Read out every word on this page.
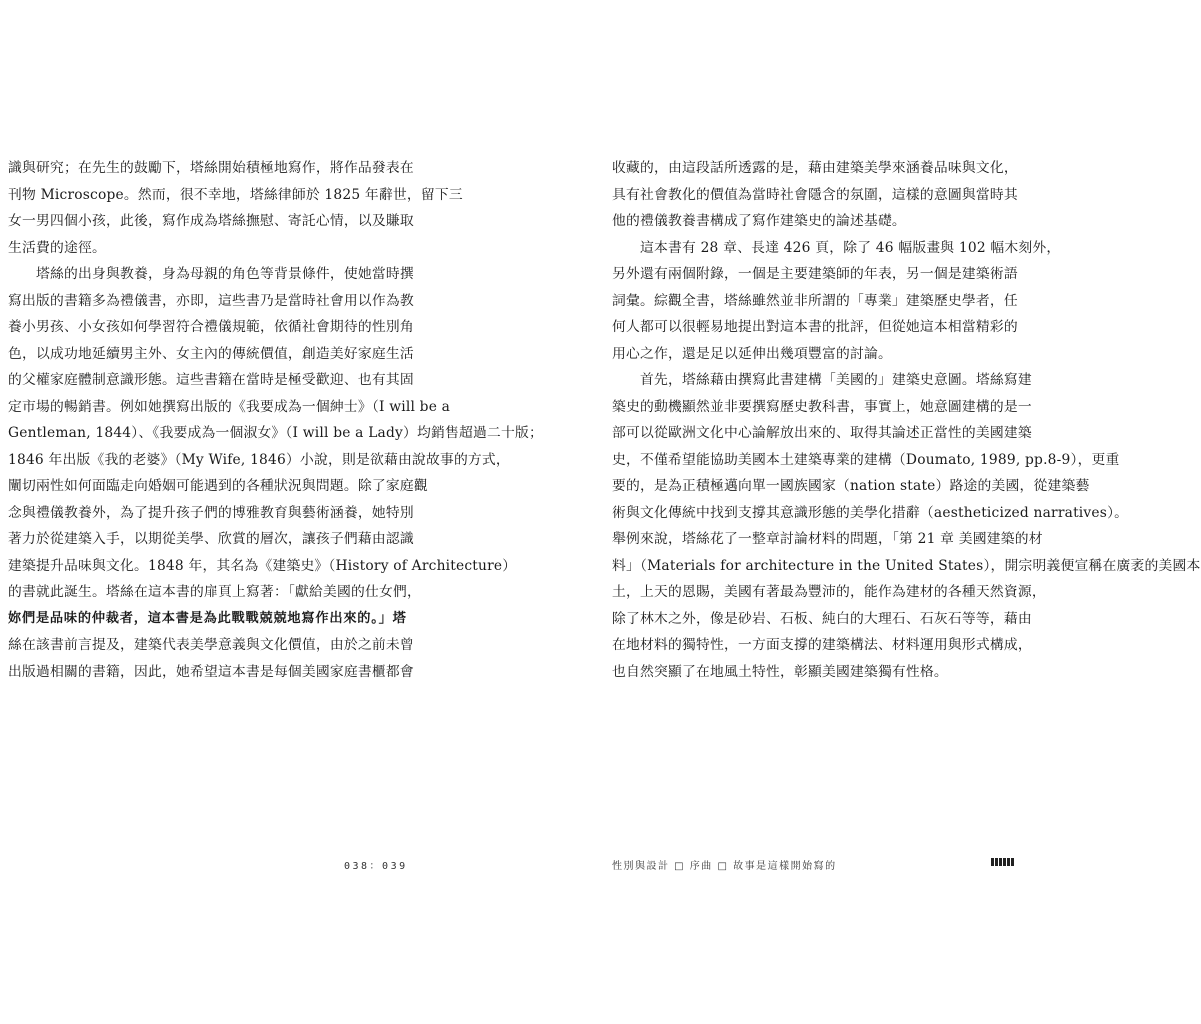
識與研究；在先生的鼓勵下，塔絲開始積極地寫作，將作品發表在
刊物 Microscope。然而，很不幸地，塔絲律師於 1825 年辭世，留下三
女一男四個小孩，此後，寫作成為塔絲撫慰、寄託心情，以及賺取
生活費的途徑。
塔絲的出身與教養，身為母親的角色等背景條件，使她當時撰
寫出版的書籍多為禮儀書，亦即，這些書乃是當時社會用以作為教
養小男孩、小女孩如何學習符合禮儀規範，依循社會期待的性別角
色，以成功地延續男主外、女主內的傳統價值，創造美好家庭生活
的父權家庭體制意識形態。這些書籍在當時是極受歡迎、也有其固
定市場的暢銷書。例如她撰寫出版的《我要成為一個紳士》（I will be a
Gentleman, 1844）、《我要成為一個淑女》（I will be a Lady）均銷售超過二十版；
1846 年出版《我的老婆》（My Wife, 1846）小說，則是欲藉由說故事的方式，
闡切兩性如何面臨走向婚姻可能遇到的各種狀況與問題。除了家庭觀
念與禮儀教養外，為了提升孩子們的博雅教育與藝術涵養，她特別
著力於從建築入手，以期從美學、欣賞的層次，讓孩子們藉由認識
建築提升品味與文化。1848 年，其名為《建築史》（History of Architecture）
的書就此誕生。塔絲在這本書的扉頁上寫著：「獻給美國的仕女們，
妳們是品味的仲裁者，這本書是為此戰戰兢兢地寫作出來的。」塔
絲在該書前言提及，建築代表美學意義與文化價值，由於之前未曾
出版過相關的書籍，因此，她希望這本書是每個美國家庭書櫃都會
收藏的，由這段話所透露的是，藉由建築美學來涵養品味與文化，
具有社會教化的價值為當時社會隱含的氛圍，這樣的意圖與當時其
他的禮儀教養書構成了寫作建築史的論述基礎。
這本書有 28 章、長達 426 頁，除了 46 幅版畫與 102 幅木刻外，
另外還有兩個附錄，一個是主要建築師的年表，另一個是建築術語
詞彙。綜觀全書，塔絲雖然並非所謂的「專業」建築歷史學者，任
何人都可以很輕易地提出對這本書的批評，但從她這本相當精彩的
用心之作，還是足以延伸出幾項豐富的討論。
首先，塔絲藉由撰寫此書建構「美國的」建築史意圖。塔絲寫建
築史的動機顯然並非要撰寫歷史教科書，事實上，她意圖建構的是一
部可以從歐洲文化中心論解放出來的、取得其論述正當性的美國建築
史，不僅希望能協助美國本土建築專業的建構（Doumato, 1989, pp.8-9），更重
要的，是為正積極邁向單一國族國家（nation state）路途的美國，從建築藝
術與文化傳統中找到支撐其意識形態的美學化措辭（aestheticized narratives）。
舉例來說，塔絲花了一整章討論材料的問題，「第 21 章 美國建築的材
料」（Materials for architecture in the United States），開宗明義便宣稱在廣袤的美國本
土，上天的恩賜，美國有著最為豐沛的，能作為建材的各種天然資源，
除了林木之外，像是砂岩、石板、純白的大理石、石灰石等等，藉由
在地材料的獨特性，一方面支撐的建築構法、材料運用與形式構成，
也自然突顯了在地風土特性，彰顯美國建築獨有性格。
038：039	性別與設計 □ 序曲 □ 故事是這樣開始寫的
